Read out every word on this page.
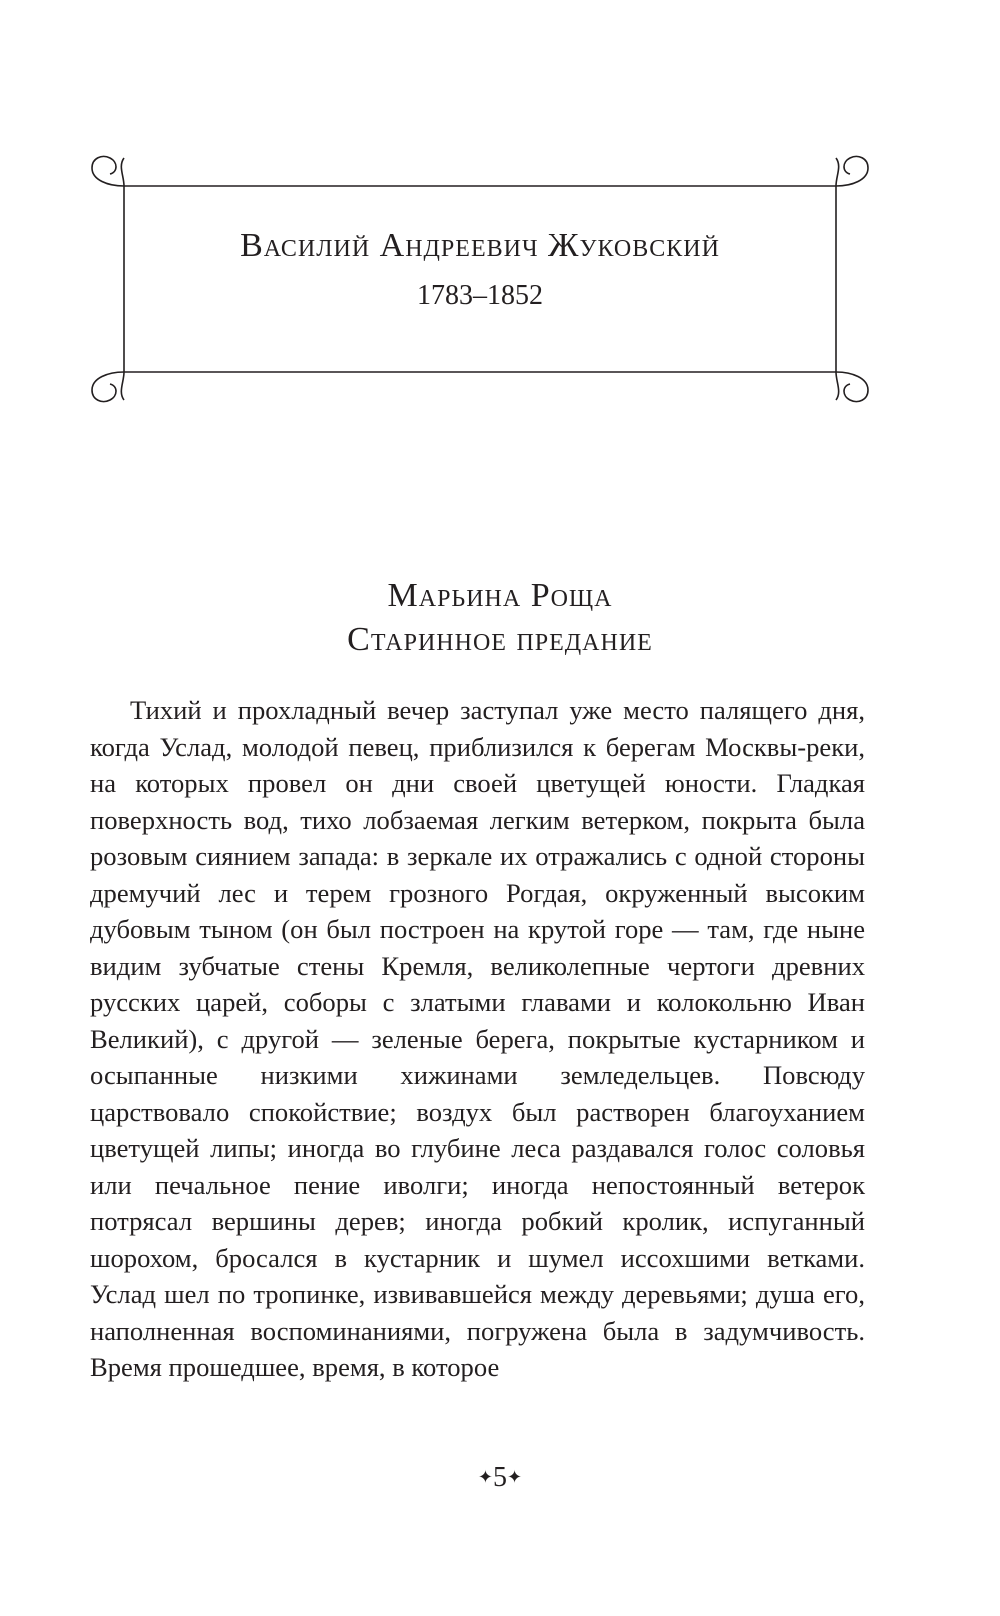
Василий Андреевич Жуковский
1783–1852
Марьина Роща
Старинное предание

Тихий и прохладный вечер заступал уже место палящего дня, когда Услад, молодой певец, приблизился к берегам Москвы-реки, на которых провел он дни своей цветущей юности. Гладкая поверхность вод, тихо лобзаемая легким ветерком, покрыта была розовым сиянием запада: в зеркале их отражались с одной стороны дремучий лес и терем грозного Рогдая, окруженный высоким дубовым тыном (он был построен на крутой горе — там, где ныне видим зубчатые стены Кремля, великолепные чертоги древних русских царей, соборы с златыми главами и колокольню Иван Великий), с другой — зеленые берега, покрытые кустарником и осыпанные низкими хижинами земледельцев. Повсюду царствовало спокойствие; воздух был растворен благоуханием цветущей липы; иногда во глубине леса раздавался голос соловья или печальное пение иволги; иногда непостоянный ветерок потрясал вершины дерев; иногда робкий кролик, испуганный шорохом, бросался в кустарник и шумел иссохшими ветками. Услад шел по тропинке, извивавшейся между деревьями; душа его, наполненная воспоминаниями, погружена была в задумчивость. Время прошедшее, время, в которое

✦5✦
